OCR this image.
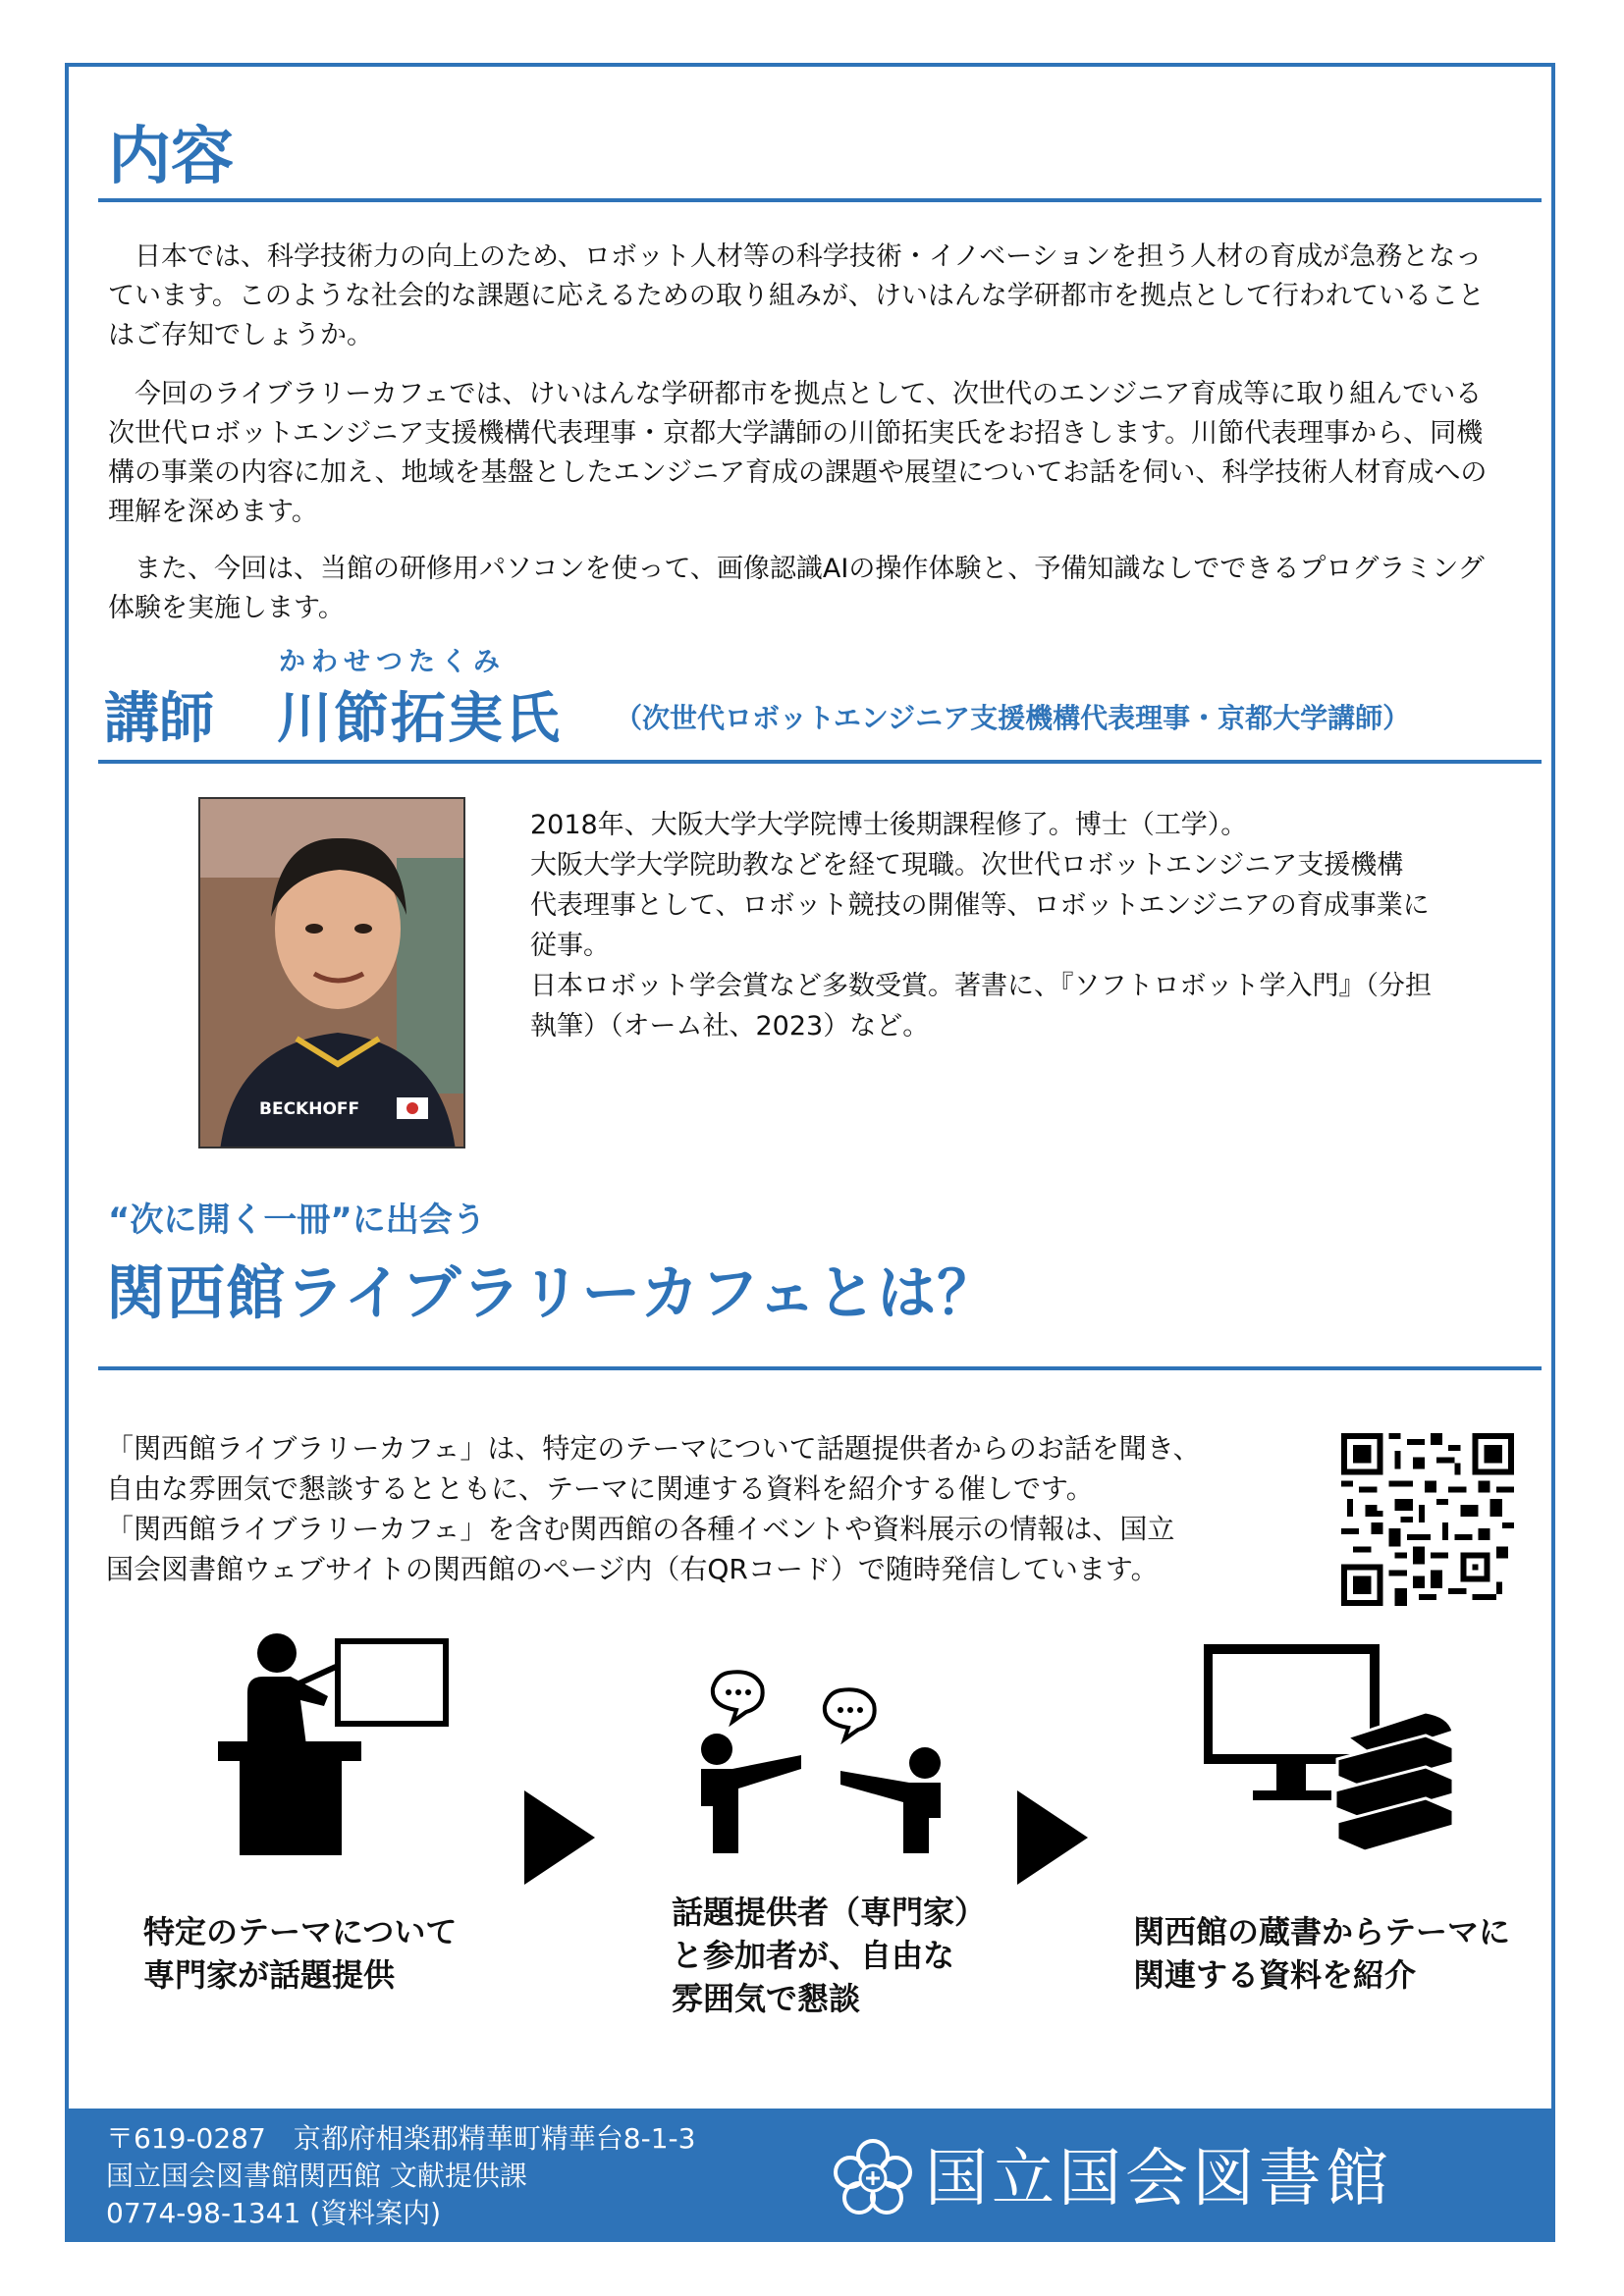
内容

日本では、科学技術力の向上のため、ロボット人材等の科学技術・イノベーションを担う人材の育成が急務となっています。このような社会的な課題に応えるための取り組みが、けいはんな学研都市を拠点として行われていることはご存知でしょうか。

今回のライブラリーカフェでは、けいはんな学研都市を拠点として、次世代のエンジニア育成等に取り組んでいる次世代ロボットエンジニア支援機構代表理事・京都大学講師の川節拓実氏をお招きします。川節代表理事から、同機構の事業の内容に加え、地域を基盤としたエンジニア育成の課題や展望についてお話を伺い、科学技術人材育成への理解を深めます。

また、今回は、当館の研修用パソコンを使って、画像認識AIの操作体験と、予備知識なしでできるプログラミング体験を実施します。

かわせつたくみ
講師 川節拓実氏 （次世代ロボットエンジニア支援機構代表理事・京都大学講師）
BECKHOFF
2018年、大阪大学大学院博士後期課程修了。博士（工学）。
大阪大学大学院助教などを経て現職。次世代ロボットエンジニア支援機構
代表理事として、ロボット競技の開催等、ロボットエンジニアの育成事業に
従事。
日本ロボット学会賞など多数受賞。著書に、『ソフトロボット学入門』（分担
執筆）（オーム社、2023）など。
“次に開く一冊”に出会う
関西館ライブラリーカフェとは？
「関西館ライブラリーカフェ」は、特定のテーマについて話題提供者からのお話を聞き、
自由な雰囲気で懇談するとともに、テーマに関連する資料を紹介する催しです。
「関西館ライブラリーカフェ」を含む関西館の各種イベントや資料展示の情報は、国立
国会図書館ウェブサイトの関西館のページ内（右QRコード）で随時発信しています。
特定のテーマについて
専門家が話題提供
話題提供者（専門家）
と参加者が、自由な
雰囲気で懇談
関西館の蔵書からテーマに
関連する資料を紹介
〒619-0287　京都府相楽郡精華町精華台8-1-3
国立国会図書館関西館 文献提供課
0774-98-1341 (資料案内)	国立国会図書館
